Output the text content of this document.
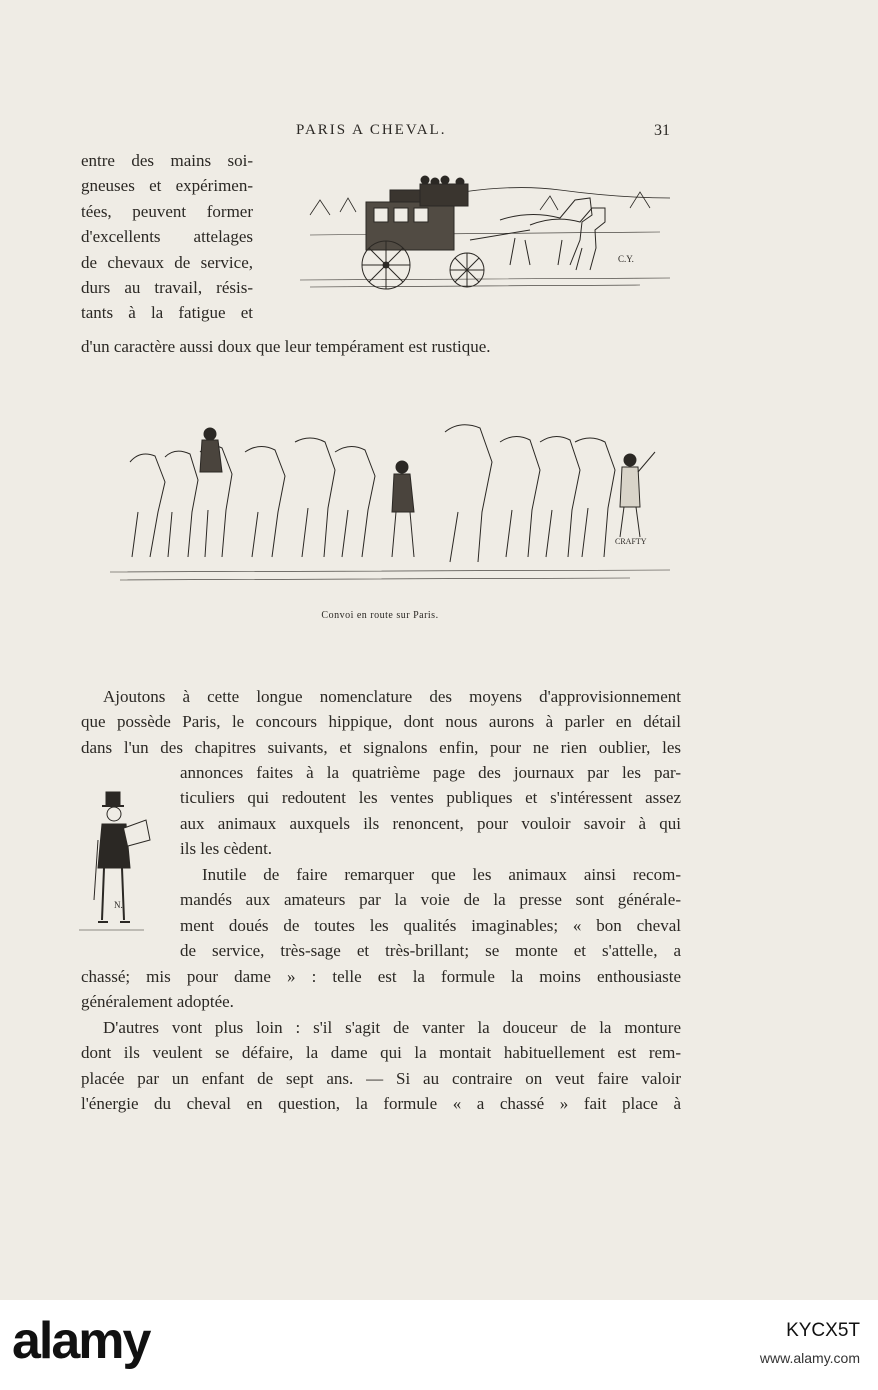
PARIS A CHEVAL.	31
entre des mains soi-
gneuses et expérimen-
tées, peuvent former
d'excellents attelages
de chevaux de service,
durs au travail, résis-
tants à la fatigue et
d'un caractère aussi doux que leur tempérament est rustique.
C.Y.
CRAFTY
Convoi en route sur Paris.
Ajoutons à cette longue nomenclature des moyens d'approvisionnement
que possède Paris, le concours hippique, dont nous aurons à parler en détail
dans l'un des chapitres suivants, et signalons enfin, pour ne rien oublier, les
annonces faites à la quatrième page des journaux par les par-
ticuliers qui redoutent les ventes publiques et s'intéressent assez
aux animaux auxquels ils renoncent, pour vouloir savoir à qui
ils les cèdent.
N.
Inutile de faire remarquer que les animaux ainsi recom-
mandés aux amateurs par la voie de la presse sont générale-
ment doués de toutes les qualités imaginables; « bon cheval
de service, très-sage et très-brillant; se monte et s'attelle, a
chassé; mis pour dame » : telle est la formule la moins enthousiaste
généralement adoptée.
D'autres vont plus loin : s'il s'agit de vanter la douceur de la monture
dont ils veulent se défaire, la dame qui la montait habituellement est rem-
placée par un enfant de sept ans. — Si au contraire on veut faire valoir
l'énergie du cheval en question, la formule « a chassé » fait place à
alamy	KYCX5T
www.alamy.com
